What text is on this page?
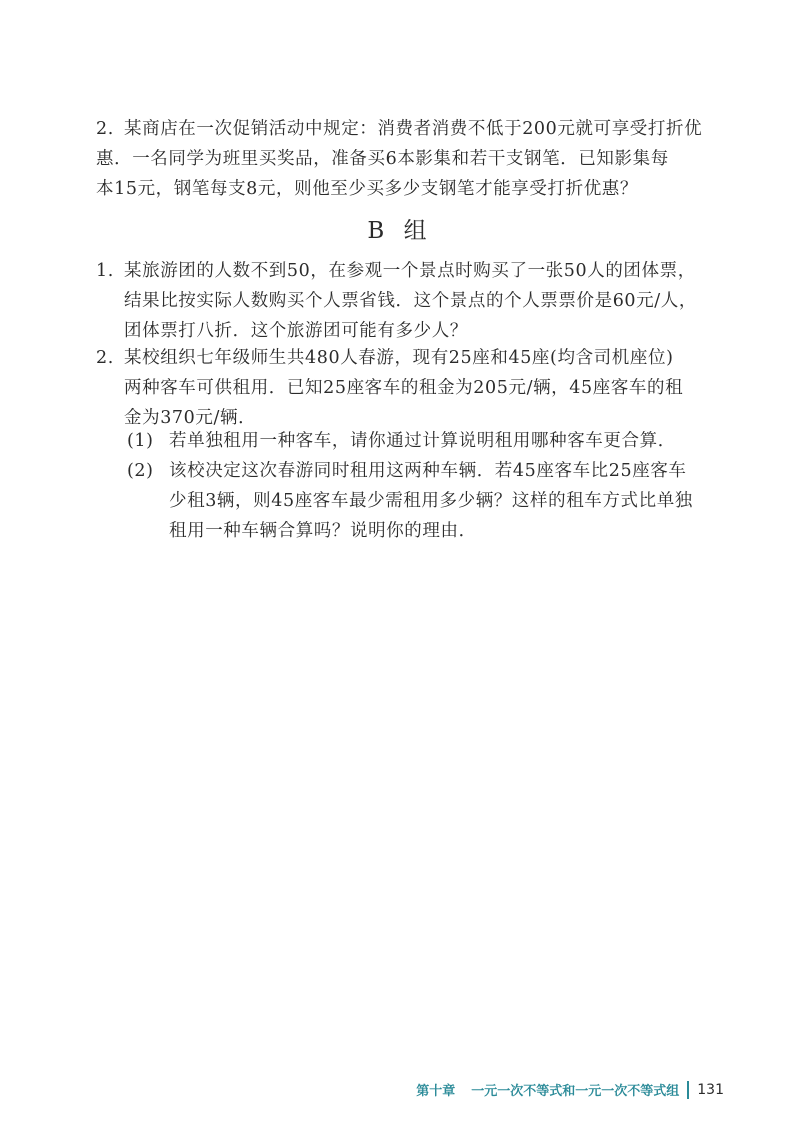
2. 某商店在一次促销活动中规定：消费者消费不低于200元就可享受打折优
惠．一名同学为班里买奖品，准备买6本影集和若干支钢笔．已知影集每
本15元，钢笔每支8元，则他至少买多少支钢笔才能享受打折优惠？
B 组
1. 某旅游团的人数不到50，在参观一个景点时购买了一张50人的团体票，
结果比按实际人数购买个人票省钱．这个景点的个人票票价是60元/人，
团体票打八折．这个旅游团可能有多少人？
2. 某校组织七年级师生共480人春游，现有25座和45座(均含司机座位)
两种客车可供租用．已知25座客车的租金为205元/辆，45座客车的租
金为370元/辆．
(1) 若单独租用一种客车，请你通过计算说明租用哪种客车更合算．
(2) 该校决定这次春游同时租用这两种车辆．若45座客车比25座客车
少租3辆，则45座客车最少需租用多少辆？这样的租车方式比单独
租用一种车辆合算吗？说明你的理由．
第十章 一元一次不等式和一元一次不等式组 131
